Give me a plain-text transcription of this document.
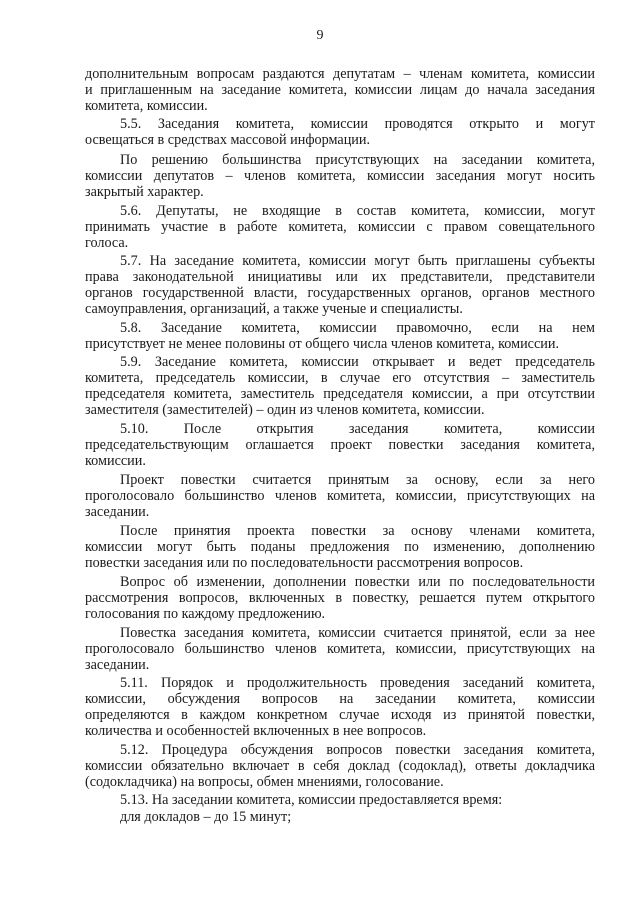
9
дополнительным вопросам раздаются депутатам – членам комитета, комиссии
и приглашенным на заседание комитета, комиссии лицам до начала заседания
комитета, комиссии.
5.5. Заседания комитета, комиссии проводятся открыто и могут
освещаться в средствах массовой информации.
По решению большинства присутствующих на заседании комитета,
комиссии депутатов – членов комитета, комиссии заседания могут носить
закрытый характер.
5.6. Депутаты, не входящие в состав комитета, комиссии, могут
принимать участие в работе комитета, комиссии с правом совещательного
голоса.
5.7. На заседание комитета, комиссии могут быть приглашены субъекты
права законодательной инициативы или их представители, представители
органов государственной власти, государственных органов, органов местного
самоуправления, организаций, а также ученые и специалисты.
5.8. Заседание комитета, комиссии правомочно, если на нем
присутствует не менее половины от общего числа членов комитета, комиссии.
5.9. Заседание комитета, комиссии открывает и ведет председатель
комитета, председатель комиссии, в случае его отсутствия – заместитель
председателя комитета, заместитель председателя комиссии, а при отсутствии
заместителя (заместителей) – один из членов комитета, комиссии.
5.10. После открытия заседания комитета, комиссии
председательствующим оглашается проект повестки заседания комитета,
комиссии.
Проект повестки считается принятым за основу, если за него
проголосовало большинство членов комитета, комиссии, присутствующих на
заседании.
После принятия проекта повестки за основу членами комитета,
комиссии могут быть поданы предложения по изменению, дополнению
повестки заседания или по последовательности рассмотрения вопросов.
Вопрос об изменении, дополнении повестки или по последовательности
рассмотрения вопросов, включенных в повестку, решается путем открытого
голосования по каждому предложению.
Повестка заседания комитета, комиссии считается принятой, если за нее
проголосовало большинство членов комитета, комиссии, присутствующих на
заседании.
5.11. Порядок и продолжительность проведения заседаний комитета,
комиссии, обсуждения вопросов на заседании комитета, комиссии
определяются в каждом конкретном случае исходя из принятой повестки,
количества и особенностей включенных в нее вопросов.
5.12. Процедура обсуждения вопросов повестки заседания комитета,
комиссии обязательно включает в себя доклад (содоклад), ответы докладчика
(содокладчика) на вопросы, обмен мнениями, голосование.
5.13. На заседании комитета, комиссии предоставляется время:
для докладов – до 15 минут;
